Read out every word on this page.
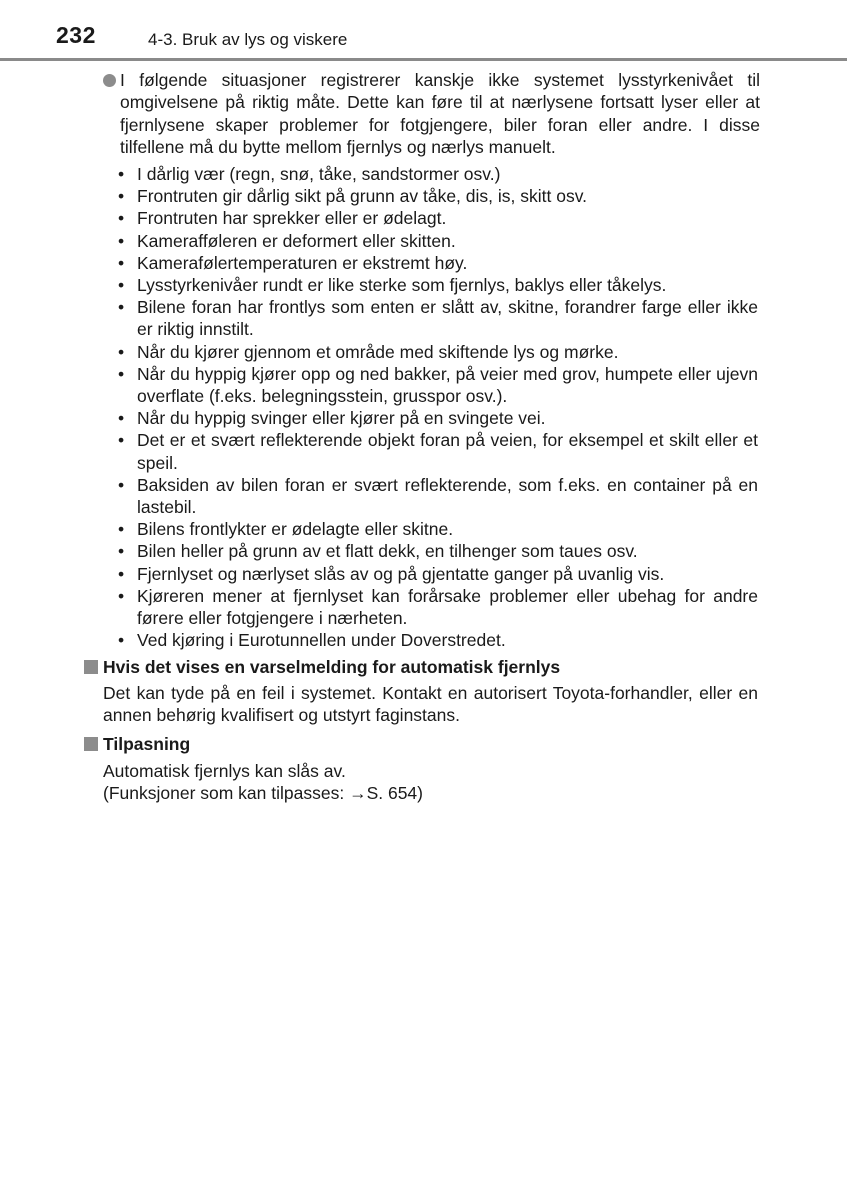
232	4-3. Bruk av lys og viskere
I følgende situasjoner registrerer kanskje ikke systemet lysstyrkenivået til omgivelsene på riktig måte. Dette kan føre til at nærlysene fortsatt lyser eller at fjernlysene skaper problemer for fotgjengere, biler foran eller andre. I disse tilfellene må du bytte mellom fjernlys og nærlys manuelt.
• I dårlig vær (regn, snø, tåke, sandstormer osv.)
• Frontruten gir dårlig sikt på grunn av tåke, dis, is, skitt osv.
• Frontruten har sprekker eller er ødelagt.
• Kamerafføleren er deformert eller skitten.
• Kamerafølertemperaturen er ekstremt høy.
• Lysstyrkenivåer rundt er like sterke som fjernlys, baklys eller tåkelys.
• Bilene foran har frontlys som enten er slått av, skitne, forandrer farge eller ikke er riktig innstilt.
• Når du kjører gjennom et område med skiftende lys og mørke.
• Når du hyppig kjører opp og ned bakker, på veier med grov, humpete eller ujevn overflate (f.eks. belegningsstein, grusspor osv.).
• Når du hyppig svinger eller kjører på en svingete vei.
• Det er et svært reflekterende objekt foran på veien, for eksempel et skilt eller et speil.
• Baksiden av bilen foran er svært reflekterende, som f.eks. en container på en lastebil.
• Bilens frontlykter er ødelagte eller skitne.
• Bilen heller på grunn av et flatt dekk, en tilhenger som taues osv.
• Fjernlyset og nærlyset slås av og på gjentatte ganger på uvanlig vis.
• Kjøreren mener at fjernlyset kan forårsake problemer eller ubehag for andre førere eller fotgjengere i nærheten.
• Ved kjøring i Eurotunnellen under Doverstredet.
Hvis det vises en varselmelding for automatisk fjernlys
Det kan tyde på en feil i systemet. Kontakt en autorisert Toyota-forhandler, eller en annen behørig kvalifisert og utstyrt faginstans.
Tilpasning
Automatisk fjernlys kan slås av.
(Funksjoner som kan tilpasses: →S. 654)
